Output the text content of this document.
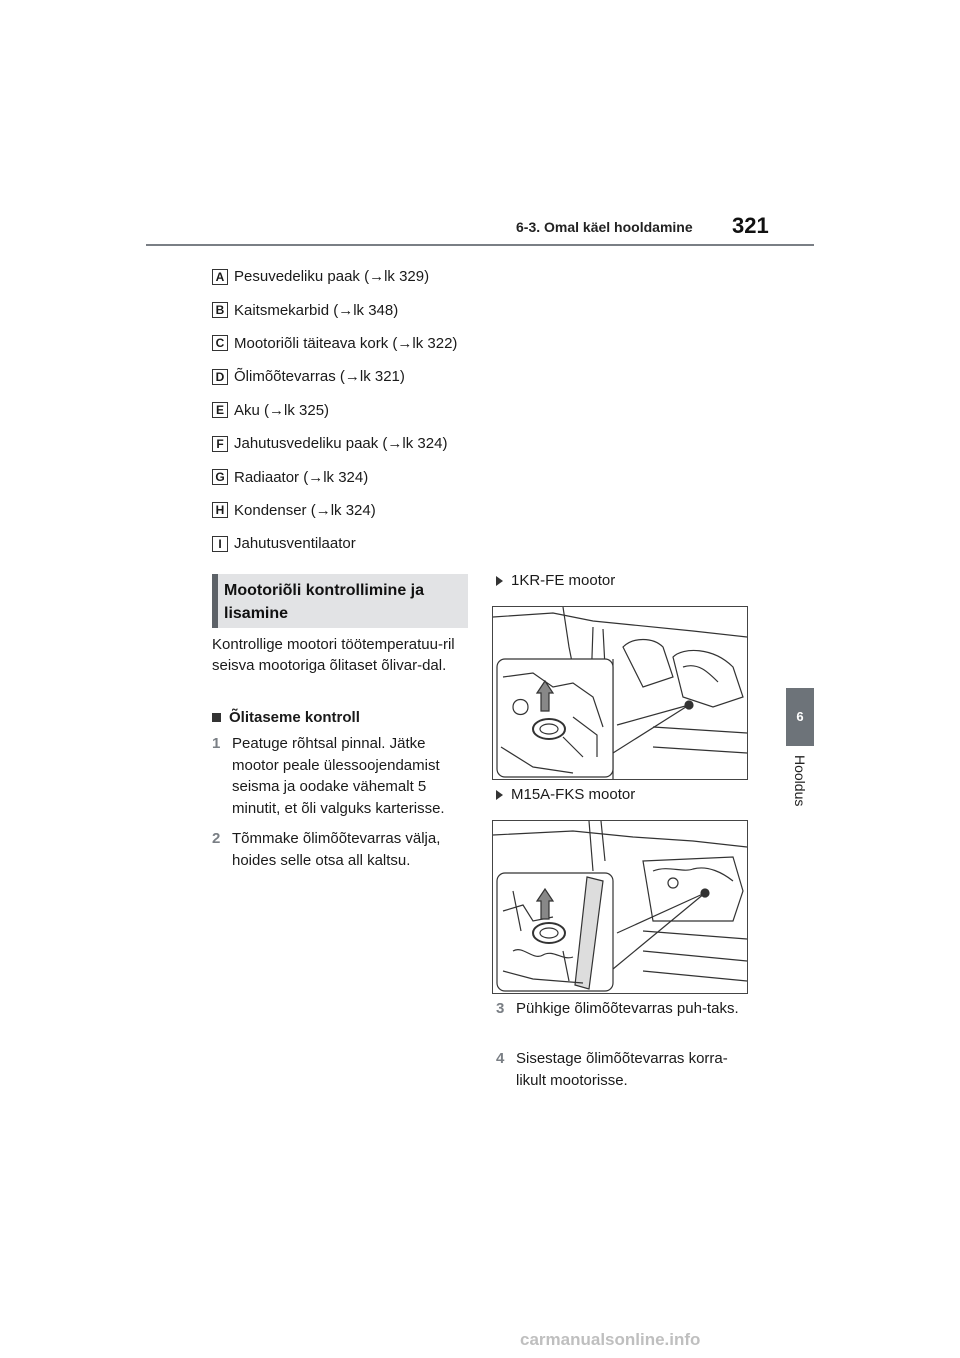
6-3. Omal käel hooldamine 321
6
Hooldus
A Pesuvedeliku paak (→lk 329)
B Kaitsmekarbid (→lk 348)
C Mootoriõli täiteava kork (→lk 322)
D Õlimõõtevarras (→lk 321)
E Aku (→lk 325)
F Jahutusvedeliku paak (→lk 324)
G Radiaator (→lk 324)
H Kondenser (→lk 324)
I Jahutusventilaator
Mootoriõli kontrollimine ja lisamine
Kontrollige mootori töötemperatuu-ril seisva mootoriga õlitaset õlivar-dal.
Õlitaseme kontroll
1 Peatuge rõhtsal pinnal. Jätke mootor peale ülessoojendamist seisma ja oodake vähemalt 5 minutit, et õli valguks karterisse.
2 Tõmmake õlimõõtevarras välja, hoides selle otsa all kaltsu.
1KR-FE mootor
M15A-FKS mootor
3 Pühkige õlimõõtevarras puh-taks.
4 Sisestage õlimõõtevarras korra-likult mootorisse.
carmanualsonline.info
